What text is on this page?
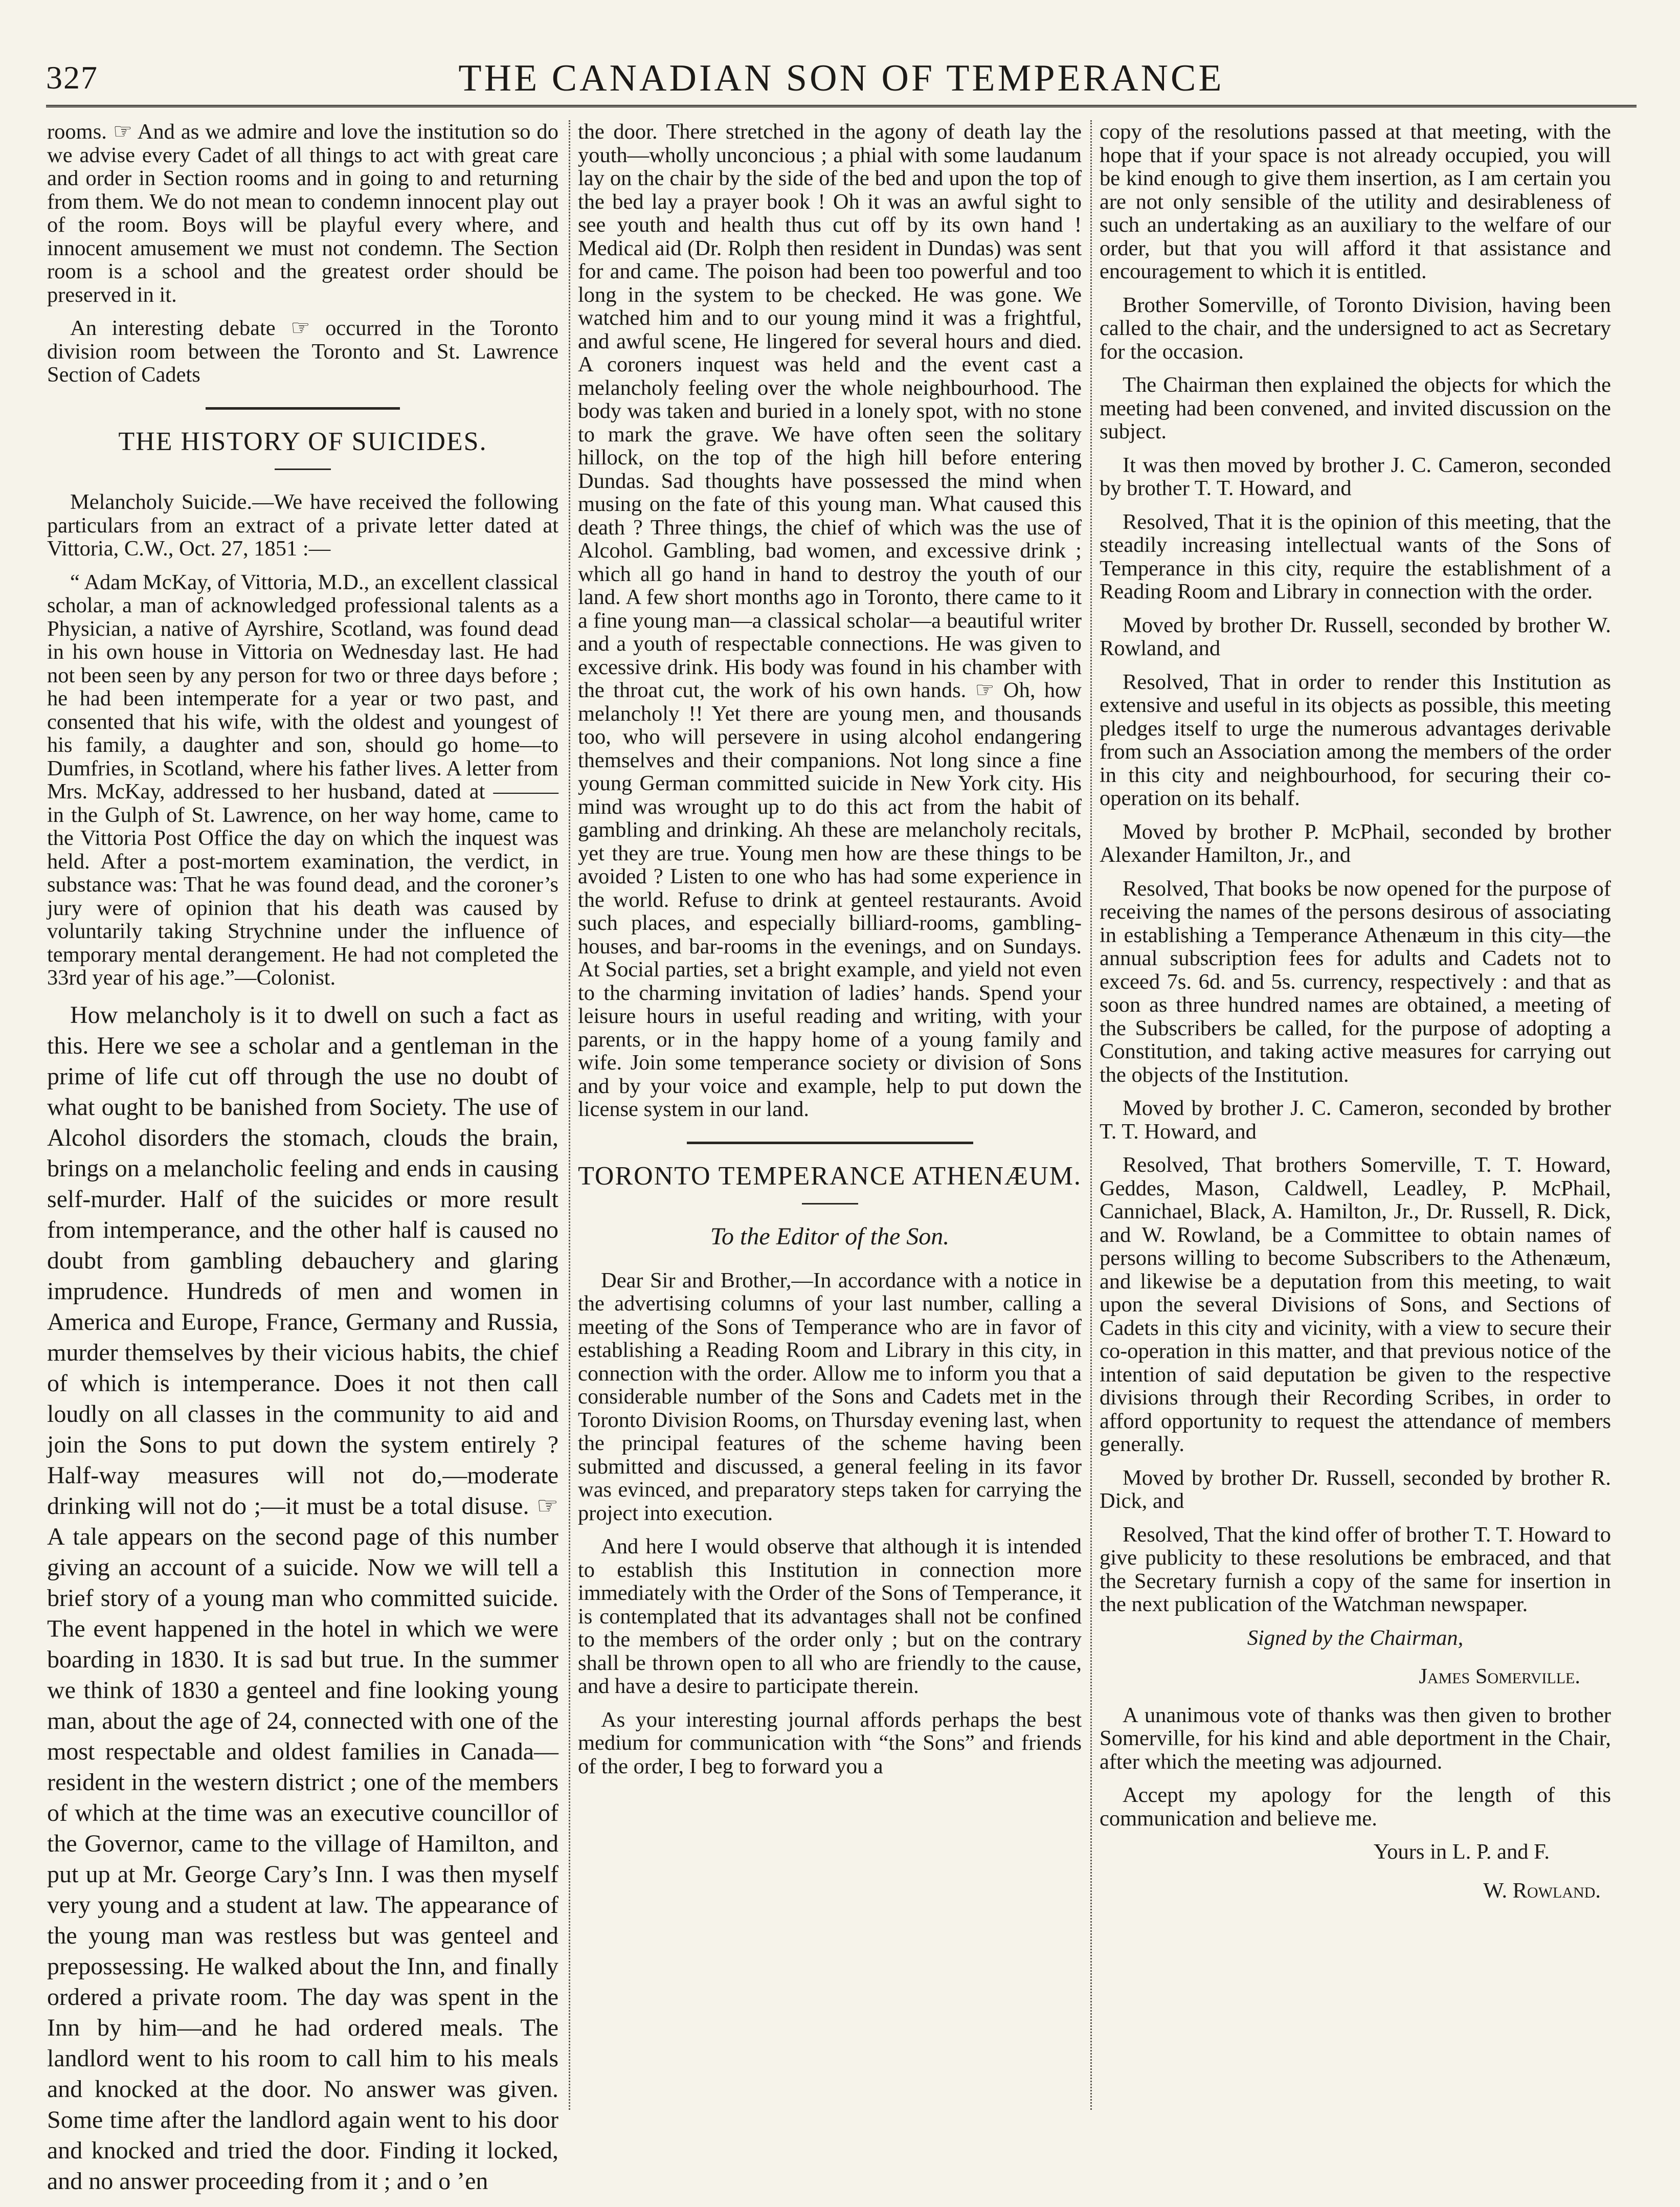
327	THE CANADIAN SON OF TEMPERANCE

rooms. ☞ And as we admire and love the institution so do we advise every Cadet of all things to act with great care and order in Section rooms and in going to and returning from them. We do not mean to condemn innocent play out of the room. Boys will be playful every where, and innocent amusement we must not condemn. The Section room is a school and the greatest order should be preserved in it.

An interesting debate ☞ occurred in the Toronto division room between the Toronto and St. Lawrence Section of Cadets

THE HISTORY OF SUICIDES.

Melancholy Suicide.—We have received the following particulars from an extract of a private letter dated at Vittoria, C.W., Oct. 27, 1851 :—

“ Adam McKay, of Vittoria, M.D., an excellent classical scholar, a man of acknowledged professional talents as a Physician, a native of Ayrshire, Scotland, was found dead in his own house in Vittoria on Wednesday last. He had not been seen by any person for two or three days before ; he had been intemperate for a year or two past, and consented that his wife, with the oldest and youngest of his family, a daughter and son, should go home—to Dumfries, in Scotland, where his father lives. A letter from Mrs. McKay, addressed to her husband, dated at ——— in the Gulph of St. Lawrence, on her way home, came to the Vittoria Post Office the day on which the inquest was held. After a post-mortem examination, the verdict, in substance was: That he was found dead, and the coroner’s jury were of opinion that his death was caused by voluntarily taking Strychnine under the influence of temporary mental derangement. He had not completed the 33rd year of his age.”—Colonist.

How melancholy is it to dwell on such a fact as this. Here we see a scholar and a gentleman in the prime of life cut off through the use no doubt of what ought to be banished from Society. The use of Alcohol disorders the stomach, clouds the brain, brings on a melancholic feeling and ends in causing self-murder. Half of the suicides or more result from intemperance, and the other half is caused no doubt from gambling debauchery and glaring imprudence. Hundreds of men and women in America and Europe, France, Germany and Russia, murder themselves by their vicious habits, the chief of which is intemperance. Does it not then call loudly on all classes in the community to aid and join the Sons to put down the system entirely ? Half-way measures will not do,—moderate drinking will not do ;—it must be a total disuse. ☞ A tale appears on the second page of this number giving an account of a suicide. Now we will tell a brief story of a young man who committed suicide. The event happened in the hotel in which we were boarding in 1830. It is sad but true. In the summer we think of 1830 a genteel and fine looking young man, about the age of 24, connected with one of the most respectable and oldest families in Canada—resident in the western district ; one of the members of which at the time was an executive councillor of the Governor, came to the village of Hamilton, and put up at Mr. George Cary’s Inn. I was then myself very young and a student at law. The appearance of the young man was restless but was genteel and prepossessing. He walked about the Inn, and finally ordered a private room. The day was spent in the Inn by him—and he had ordered meals. The landlord went to his room to call him to his meals and knocked at the door. No answer was given. Some time after the landlord again went to his door and knocked and tried the door. Finding it locked, and no answer proceeding from it ; and o ’en

the door. There stretched in the agony of death lay the youth—wholly unconcious ; a phial with some laudanum lay on the chair by the side of the bed and upon the top of the bed lay a prayer book ! Oh it was an awful sight to see youth and health thus cut off by its own hand ! Medical aid (Dr. Rolph then resident in Dundas) was sent for and came. The poison had been too powerful and too long in the system to be checked. He was gone. We watched him and to our young mind it was a frightful, and awful scene, He lingered for several hours and died. A coroners inquest was held and the event cast a melancholy feeling over the whole neighbourhood. The body was taken and buried in a lonely spot, with no stone to mark the grave. We have often seen the solitary hillock, on the top of the high hill before entering Dundas. Sad thoughts have possessed the mind when musing on the fate of this young man. What caused this death ? Three things, the chief of which was the use of Alcohol. Gambling, bad women, and excessive drink ; which all go hand in hand to destroy the youth of our land. A few short months ago in Toronto, there came to it a fine young man—a classical scholar—a beautiful writer and a youth of respectable connections. He was given to excessive drink. His body was found in his chamber with the throat cut, the work of his own hands. ☞ Oh, how melancholy !! Yet there are young men, and thousands too, who will persevere in using alcohol endangering themselves and their companions. Not long since a fine young German committed suicide in New York city. His mind was wrought up to do this act from the habit of gambling and drinking. Ah these are melancholy recitals, yet they are true. Young men how are these things to be avoided ? Listen to one who has had some experience in the world. Refuse to drink at genteel restaurants. Avoid such places, and especially billiard-rooms, gambling-houses, and bar-rooms in the evenings, and on Sundays. At Social parties, set a bright example, and yield not even to the charming invitation of ladies’ hands. Spend your leisure hours in useful reading and writing, with your parents, or in the happy home of a young family and wife. Join some temperance society or division of Sons and by your voice and example, help to put down the license system in our land.

TORONTO TEMPERANCE ATHENÆUM.
To the Editor of the Son.

Dear Sir and Brother,—In accordance with a notice in the advertising columns of your last number, calling a meeting of the Sons of Temperance who are in favor of establishing a Reading Room and Library in this city, in connection with the order. Allow me to inform you that a considerable number of the Sons and Cadets met in the Toronto Division Rooms, on Thursday evening last, when the principal features of the scheme having been submitted and discussed, a general feeling in its favor was evinced, and preparatory steps taken for carrying the project into execution.

And here I would observe that although it is intended to establish this Institution in connection more immediately with the Order of the Sons of Temperance, it is contemplated that its advantages shall not be confined to the members of the order only ; but on the contrary shall be thrown open to all who are friendly to the cause, and have a desire to participate therein.

As your interesting journal affords perhaps the best medium for communication with “the Sons” and friends of the order, I beg to forward you a

copy of the resolutions passed at that meeting, with the hope that if your space is not already occupied, you will be kind enough to give them insertion, as I am certain you are not only sensible of the utility and desirableness of such an undertaking as an auxiliary to the welfare of our order, but that you will afford it that assistance and encouragement to which it is entitled.

Brother Somerville, of Toronto Division, having been called to the chair, and the undersigned to act as Secretary for the occasion.

The Chairman then explained the objects for which the meeting had been convened, and invited discussion on the subject.

It was then moved by brother J. C. Cameron, seconded by brother T. T. Howard, and

Resolved, That it is the opinion of this meeting, that the steadily increasing intellectual wants of the Sons of Temperance in this city, require the establishment of a Reading Room and Library in connection with the order.

Moved by brother Dr. Russell, seconded by brother W. Rowland, and

Resolved, That in order to render this Institution as extensive and useful in its objects as possible, this meeting pledges itself to urge the numerous advantages derivable from such an Association among the members of the order in this city and neighbourhood, for securing their co-operation on its behalf.

Moved by brother P. McPhail, seconded by brother Alexander Hamilton, Jr., and

Resolved, That books be now opened for the purpose of receiving the names of the persons desirous of associating in establishing a Temperance Athenæum in this city—the annual subscription fees for adults and Cadets not to exceed 7s. 6d. and 5s. currency, respectively : and that as soon as three hundred names are obtained, a meeting of the Subscribers be called, for the purpose of adopting a Constitution, and taking active measures for carrying out the objects of the Institution.

Moved by brother J. C. Cameron, seconded by brother T. T. Howard, and

Resolved, That brothers Somerville, T. T. Howard, Geddes, Mason, Caldwell, Leadley, P. McPhail, Cannichael, Black, A. Hamilton, Jr., Dr. Russell, R. Dick, and W. Rowland, be a Committee to obtain names of persons willing to become Subscribers to the Athenæum, and likewise be a deputation from this meeting, to wait upon the several Divisions of Sons, and Sections of Cadets in this city and vicinity, with a view to secure their co-operation in this matter, and that previous notice of the intention of said deputation be given to the respective divisions through their Recording Scribes, in order to afford opportunity to request the attendance of members generally.

Moved by brother Dr. Russell, seconded by brother R. Dick, and

Resolved, That the kind offer of brother T. T. Howard to give publicity to these resolutions be embraced, and that the Secretary furnish a copy of the same for insertion in the next publication of the Watchman newspaper.

Signed by the Chairman,
James Somerville.

A unanimous vote of thanks was then given to brother Somerville, for his kind and able deportment in the Chair, after which the meeting was adjourned.

Accept my apology for the length of this communication and believe me.

Yours in L. P. and F.
W. Rowland.
